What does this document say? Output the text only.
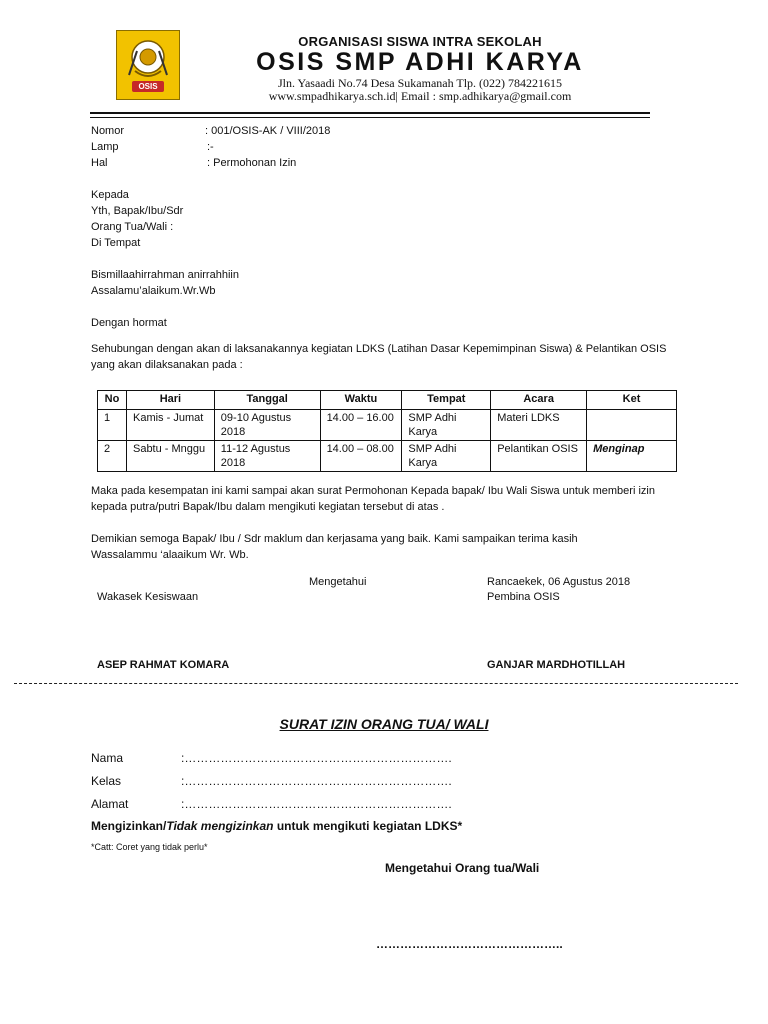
OSIS
ORGANISASI SISWA INTRA SEKOLAH
OSIS SMP ADHI KARYA
Jln. Yasaadi No.74 Desa Sukamanah Tlp. (022) 784221615
www.smpadhikarya.sch.id| Email : smp.adhikarya@gmail.com
Nomor	: 001/OSIS-AK / VIII/2018
Lamp	:-
Hal	: Permohonan Izin
Kepada
Yth, Bapak/Ibu/Sdr
Orang Tua/Wali :
Di Tempat
Bismillaahirrahman anirrahhiin
Assalamu’alaikum.Wr.Wb
Dengan hormat
Sehubungan dengan akan di laksanakannya kegiatan LDKS (Latihan Dasar Kepemimpinan Siswa) & Pelantikan OSIS
yang akan dilaksanakan pada :
No	Hari	Tanggal	Waktu	Tempat	Acara	Ket
1	Kamis - Jumat	09-10 Agustus 2018	14.00 – 16.00	SMP Adhi Karya	Materi LDKS	
2	Sabtu - Mnggu	11-12 Agustus 2018	14.00 – 08.00	SMP Adhi Karya	Pelantikan OSIS	Menginap
Maka pada kesempatan ini kami sampai akan surat Permohonan Kepada bapak/ Ibu Wali Siswa untuk memberi izin
kepada putra/putri Bapak/Ibu dalam mengikuti kegiatan tersebut di atas .
Demikian semoga Bapak/ Ibu / Sdr maklum dan kerjasama yang baik. Kami sampaikan terima kasih
Wassalammu ‘alaaikum Wr. Wb.
Mengetahui	Rancaekek, 06 Agustus 2018
Wakasek Kesiswaan	Pembina OSIS
ASEP RAHMAT KOMARA	GANJAR MARDHOTILLAH
SURAT IZIN ORANG TUA/ WALI
Nama	:………………………………………………………….
Kelas	:………………………………………………………….
Alamat	:………………………………………………………….
Mengizinkan/Tidak mengizinkan untuk mengikuti kegiatan LDKS*
*Catt: Coret yang tidak perlu*
Mengetahui Orang tua/Wali
………………………………………..
